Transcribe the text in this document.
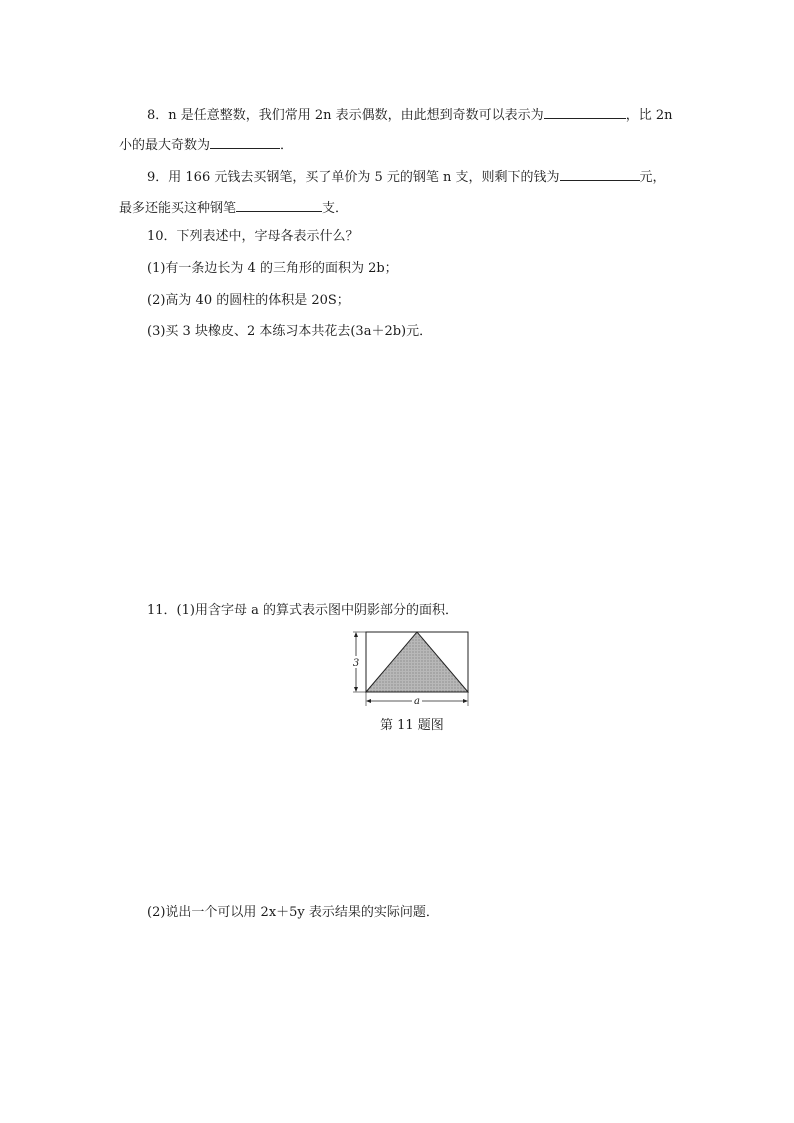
8．n 是任意整数，我们常用 2n 表示偶数，由此想到奇数可以表示为	，比 2n
小的最大奇数为	．
9．用 166 元钱去买钢笔，买了单价为 5 元的钢笔 n 支，则剩下的钱为	元，
最多还能买这种钢笔	支．
10．下列表述中，字母各表示什么？
(1)有一条边长为 4 的三角形的面积为 2b；
(2)高为 40 的圆柱的体积是 20S；
(3)买 3 块橡皮、2 本练习本共花去(3a＋2b)元．
11．(1)用含字母 a 的算式表示图中阴影部分的面积．
3
a
第 11 题图
(2)说出一个可以用 2x＋5y 表示结果的实际问题．
